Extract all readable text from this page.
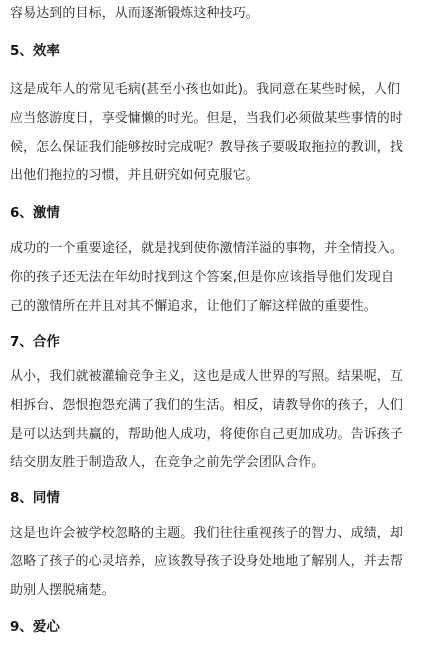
容易达到的目标，从而逐渐锻炼这种技巧。
5、效率
这是成年人的常见毛病(甚至小孩也如此)。我同意在某些时候，人们
应当悠游度日，享受慵懒的时光。但是，当我们必须做某些事情的时
候，怎么保证我们能够按时完成呢？教导孩子要吸取拖拉的教训，找
出他们拖拉的习惯，并且研究如何克服它。
6、激情
成功的一个重要途径，就是找到使你激情洋溢的事物，并全情投入。
你的孩子还无法在年幼时找到这个答案,但是你应该指导他们发现自
己的激情所在并且对其不懈追求，让他们了解这样做的重要性。
7、合作
从小，我们就被灌输竞争主义，这也是成人世界的写照。结果呢，互
相拆台、怨恨抱怨充满了我们的生活。相反，请教导你的孩子，人们
是可以达到共赢的，帮助他人成功，将使你自己更加成功。告诉孩子
结交朋友胜于制造敌人，在竞争之前先学会团队合作。
8、同情
这是也许会被学校忽略的主题。我们往往重视孩子的智力、成绩，却
忽略了孩子的心灵培养，应该教导孩子设身处地地了解别人，并去帮
助别人摆脱痛楚。
9、爱心
